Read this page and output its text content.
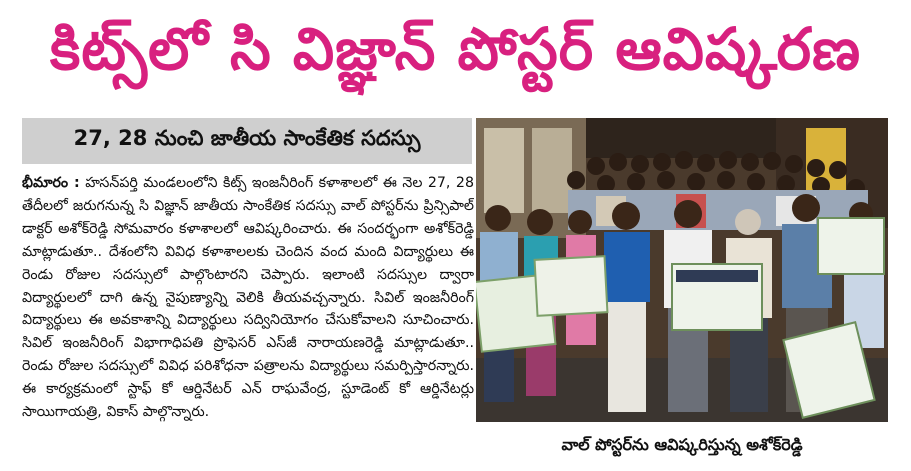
కిట్స్‌లో సి విజ్ఞాన్ పోస్టర్ ఆవిష్కరణ
27, 28 నుంచి జాతీయ సాంకేతిక సదస్సు
భీమారం : హసన్‌పర్తి మండలంలోని కిట్స్ ఇంజనీరింగ్ కళాశాలలో ఈ నెల 27, 28 తేదీలలో జరుగనున్న సి విజ్ఞాన్ జాతీయ సాంకేతిక సదస్సు వాల్ పోస్టర్‌ను ప్రిన్సిపాల్ డాక్టర్ అశోక్‌రెడ్డి సోమవారం కళాశాలలో ఆవిష్కరించారు. ఈ సందర్భంగా అశోక్‌రెడ్డి మాట్లాడుతూ.. దేశంలోని వివిధ కళాశాలలకు చెందిన వంద మంది విద్యార్థులు ఈ రెండు రోజుల సదస్సులో పాల్గొంటారని చెప్పారు. ఇలాంటి సదస్సుల ద్వారా విద్యార్థులలో దాగి ఉన్న నైపుణ్యాన్ని వెలికి తీయవచ్చన్నారు. సివిల్ ఇంజనీరింగ్ విద్యార్థులు ఈ అవకాశాన్ని విద్యార్థులు సద్వినియోగం చేసుకోవాలని సూచించారు. సివిల్ ఇంజనీరింగ్ విభాగాధిపతి ప్రొఫెసర్ ఎస్‌జీ నారాయణరెడ్డి మాట్లాడుతూ.. రెండు రోజుల సదస్సులో వివిధ పరిశోధనా పత్రాలను విద్యార్థులు సమర్పిస్తారన్నారు. ఈ కార్యక్రమంలో స్టాఫ్ కో ఆర్డినేటర్ ఎన్ రాఘవేంద్ర, స్టూడెంట్ కో ఆర్డినేటర్లు సాయిగాయత్రి, వికాస్ పాల్గొన్నారు.
వాల్ పోస్టర్‌ను ఆవిష్కరిస్తున్న అశోక్‌రెడ్డి
